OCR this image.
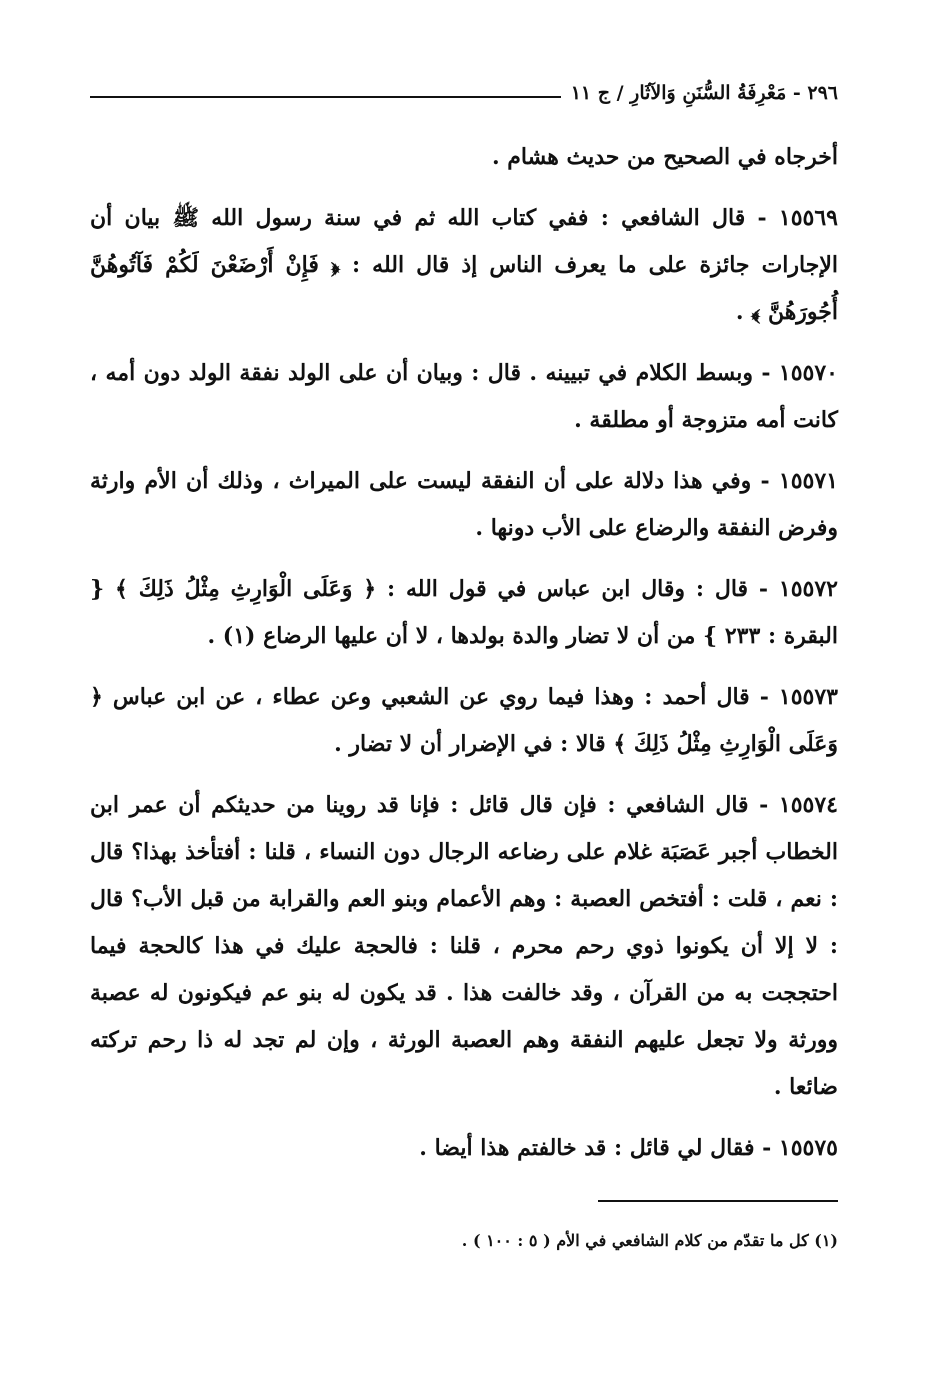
٢٩٦ - مَعْرِفَةُ السُّنَنِ وَالآثَارِ / ج ١١

أخرجاه في الصحيح من حديث هشام .

١٥٥٦٩ - قال الشافعي : ففي كتاب الله ثم في سنة رسول الله ﷺ بيان أن الإجارات جائزة على ما يعرف الناس إذ قال الله : ﴿ فَإِنْ أَرْضَعْنَ لَكُمْ فَآتُوهُنَّ أُجُورَهُنَّ ﴾ .

١٥٥٧٠ - وبسط الكلام في تبيينه . قال : وبيان أن على الولد نفقة الولد دون أمه ، كانت أمه متزوجة أو مطلقة .

١٥٥٧١ - وفي هذا دلالة على أن النفقة ليست على الميراث ، وذلك أن الأم وارثة وفرض النفقة والرضاع على الأب دونها .

١٥٥٧٢ - قال : وقال ابن عباس في قول الله : ﴿ وَعَلَى الْوَارِثِ مِثْلُ ذَلِكَ ﴾ { البقرة : ٢٣٣ } من أن لا تضار والدة بولدها ، لا أن عليها الرضاع (١) .

١٥٥٧٣ - قال أحمد : وهذا فيما روي عن الشعبي وعن عطاء ، عن ابن عباس ﴿ وَعَلَى الْوَارِثِ مِثْلُ ذَلِكَ ﴾ قالا : في الإضرار أن لا تضار .

١٥٥٧٤ - قال الشافعي : فإن قال قائل : فإنا قد روينا من حديثكم أن عمر ابن الخطاب أجبر عَصَبَة غلام على رضاعه الرجال دون النساء ، قلنا : أفتأخذ بهذا؟ قال : نعم ، قلت : أفتخص العصبة : وهم الأعمام وبنو العم والقرابة من قبل الأب؟ قال : لا إلا أن يكونوا ذوي رحم محرم ، قلنا : فالحجة عليك في هذا كالحجة فيما احتججت به من القرآن ، وقد خالفت هذا . قد يكون له بنو عم فيكونون له عصبة وورثة ولا تجعل عليهم النفقة وهم العصبة الورثة ، وإن لم تجد له ذا رحم تركته ضائعا .

١٥٥٧٥ - فقال لي قائل : قد خالفتم هذا أيضا .

(١) كل ما تقدّم من كلام الشافعي في الأم ( ٥ : ١٠٠ ) .
